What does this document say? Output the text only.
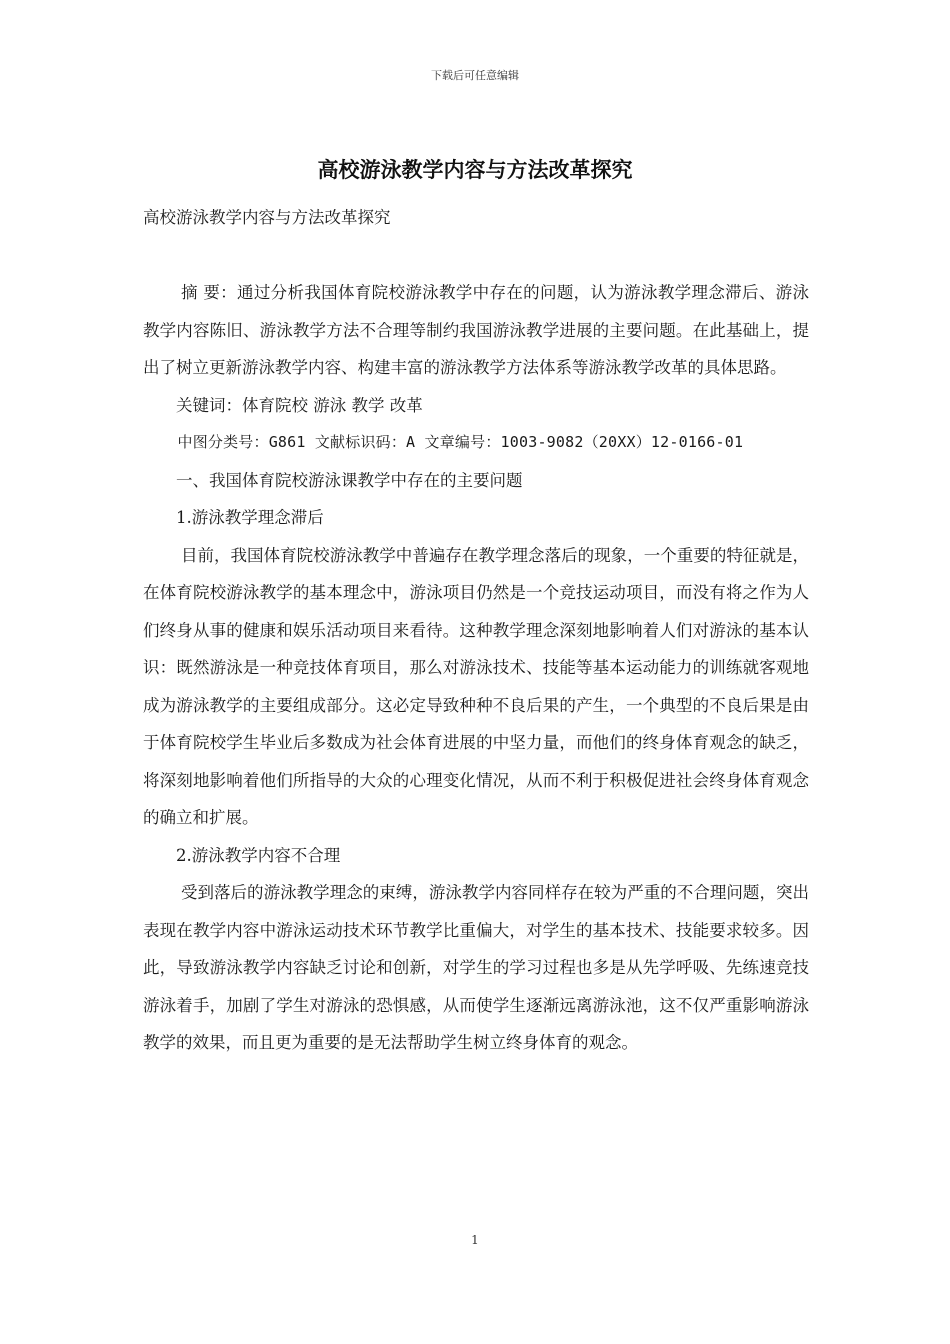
下载后可任意编辑
高校游泳教学内容与方法改革探究

高校游泳教学内容与方法改革探究

摘 要：通过分析我国体育院校游泳教学中存在的问题，认为游泳教学理念滞后、游泳教学内容陈旧、游泳教学方法不合理等制约我国游泳教学进展的主要问题。在此基础上，提出了树立更新游泳教学内容、构建丰富的游泳教学方法体系等游泳教学改革的具体思路。

关键词：体育院校 游泳 教学 改革

中图分类号：G861 文献标识码：A 文章编号：1003-9082（20XX）12-0166-01

一、我国体育院校游泳课教学中存在的主要问题

1.游泳教学理念滞后

目前，我国体育院校游泳教学中普遍存在教学理念落后的现象，一个重要的特征就是，在体育院校游泳教学的基本理念中，游泳项目仍然是一个竞技运动项目，而没有将之作为人们终身从事的健康和娱乐活动项目来看待。这种教学理念深刻地影响着人们对游泳的基本认识：既然游泳是一种竞技体育项目，那么对游泳技术、技能等基本运动能力的训练就客观地成为游泳教学的主要组成部分。这必定导致种种不良后果的产生，一个典型的不良后果是由于体育院校学生毕业后多数成为社会体育进展的中坚力量，而他们的终身体育观念的缺乏，将深刻地影响着他们所指导的大众的心理变化情况，从而不利于积极促进社会终身体育观念的确立和扩展。

2.游泳教学内容不合理

受到落后的游泳教学理念的束缚，游泳教学内容同样存在较为严重的不合理问题，突出表现在教学内容中游泳运动技术环节教学比重偏大，对学生的基本技术、技能要求较多。因此，导致游泳教学内容缺乏讨论和创新，对学生的学习过程也多是从先学呼吸、先练速竞技游泳着手，加剧了学生对游泳的恐惧感，从而使学生逐渐远离游泳池，这不仅严重影响游泳教学的效果，而且更为重要的是无法帮助学生树立终身体育的观念。

1
